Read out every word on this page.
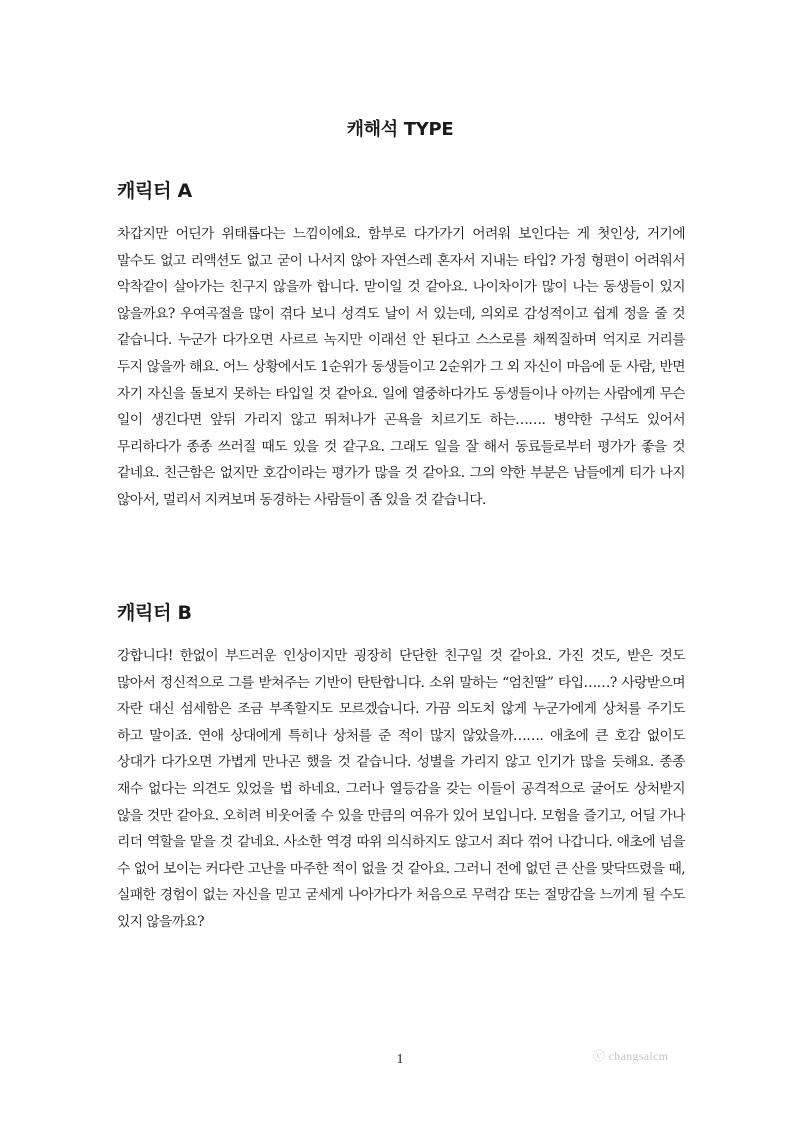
캐해석 TYPE
캐릭터 A

차갑지만 어딘가 위태롭다는 느낌이에요. 함부로 다가가기 어려워 보인다는 게 첫인상, 거기에 말수도 없고 리액션도 없고 굳이 나서지 않아 자연스레 혼자서 지내는 타입? 가정 형편이 어려워서 악착같이 살아가는 친구지 않을까 합니다. 맏이일 것 같아요. 나이차이가 많이 나는 동생들이 있지 않을까요? 우여곡절을 많이 겪다 보니 성격도 날이 서 있는데, 의외로 감성적이고 쉽게 정을 줄 것 같습니다. 누군가 다가오면 사르르 녹지만 이래선 안 된다고 스스로를 채찍질하며 억지로 거리를 두지 않을까 해요. 어느 상황에서도 1순위가 동생들이고 2순위가 그 외 자신이 마음에 둔 사람, 반면 자기 자신을 돌보지 못하는 타입일 것 같아요. 일에 열중하다가도 동생들이나 아끼는 사람에게 무슨 일이 생긴다면 앞뒤 가리지 않고 뛰쳐나가 곤욕을 치르기도 하는……. 병약한 구석도 있어서 무리하다가 종종 쓰러질 때도 있을 것 같구요. 그래도 일을 잘 해서 동료들로부터 평가가 좋을 것 같네요. 친근함은 없지만 호감이라는 평가가 많을 것 같아요. 그의 약한 부분은 남들에게 티가 나지 않아서, 멀리서 지켜보며 동경하는 사람들이 좀 있을 것 같습니다.

캐릭터 B

강합니다! 한없이 부드러운 인상이지만 굉장히 단단한 친구일 것 같아요. 가진 것도, 받은 것도 많아서 정신적으로 그를 받쳐주는 기반이 탄탄합니다. 소위 말하는 “엄친딸” 타입……? 사랑받으며 자란 대신 섬세함은 조금 부족할지도 모르겠습니다. 가끔 의도치 않게 누군가에게 상처를 주기도 하고 말이죠. 연애 상대에게 특히나 상처를 준 적이 많지 않았을까……. 애초에 큰 호감 없이도 상대가 다가오면 가볍게 만나곤 했을 것 같습니다. 성별을 가리지 않고 인기가 많을 듯해요. 종종 재수 없다는 의견도 있었을 법 하네요. 그러나 열등감을 갖는 이들이 공격적으로 굴어도 상처받지 않을 것만 같아요. 오히려 비웃어줄 수 있을 만큼의 여유가 있어 보입니다. 모험을 즐기고, 어딜 가나 리더 역할을 맡을 것 같네요. 사소한 역경 따위 의식하지도 않고서 죄다 꺾어 나갑니다. 애초에 넘을 수 없어 보이는 커다란 고난을 마주한 적이 없을 것 같아요. 그러니 전에 없던 큰 산을 맞닥뜨렸을 때, 실패한 경험이 없는 자신을 믿고 굳세게 나아가다가 처음으로 무력감 또는 절망감을 느끼게 될 수도 있지 않을까요?

1	ⓒ changsalcm
